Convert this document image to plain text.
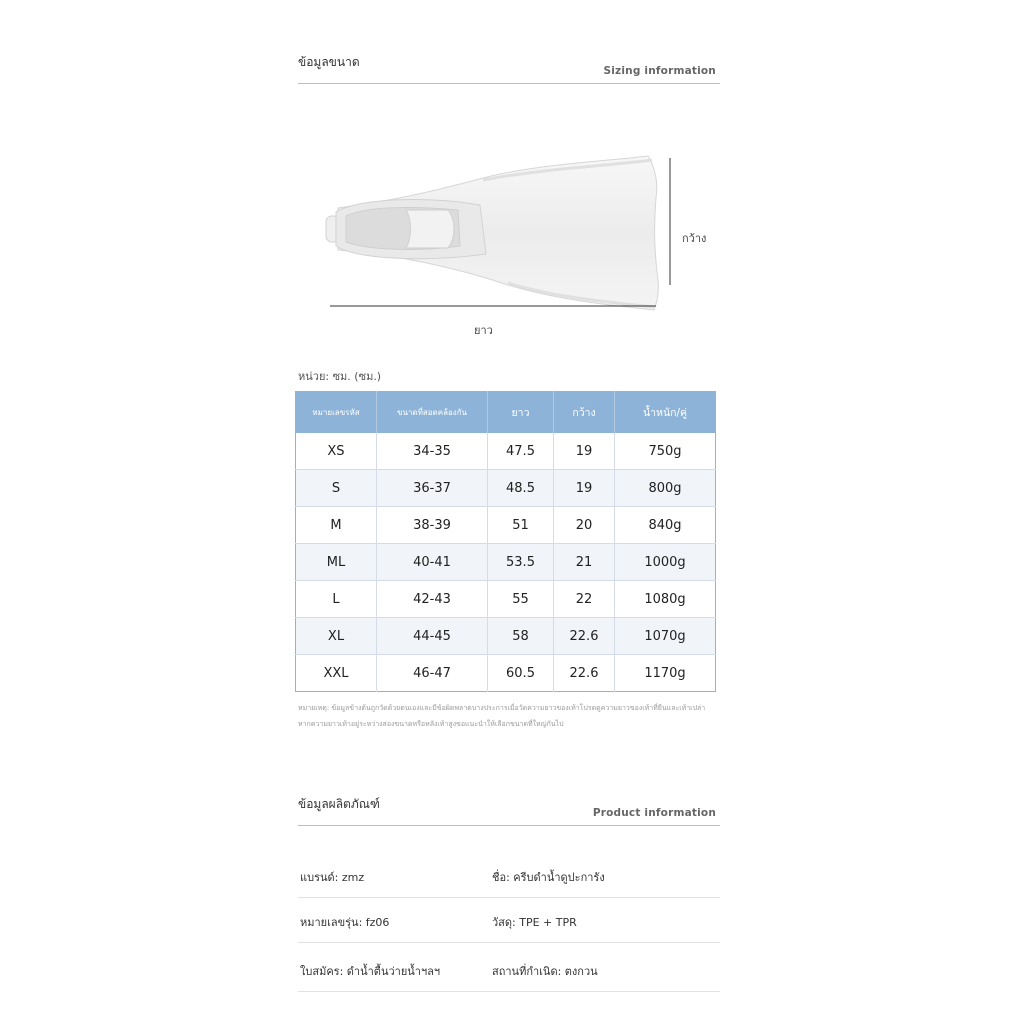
ข้อมูลขนาด
Sizing information
กว้าง
ยาว
หน่วย: ซม. (ซม.)
หมายเลขรหัส	ขนาดที่สอดคล้องกัน	ยาว	กว้าง	น้ำหนัก/คู่
XS	34-35	47.5	19	750g
S	36-37	48.5	19	800g
M	38-39	51	20	840g
ML	40-41	53.5	21	1000g
L	42-43	55	22	1080g
XL	44-45	58	22.6	1070g
XXL	46-47	60.5	22.6	1170g
หมายเหตุ: ข้อมูลข้างต้นถูกวัดด้วยตนเองและมีข้อผิดพลาดบางประการเมื่อวัดความยาวของเท้าโปรดดูความยาวของเท้าที่ยืนและเท้าเปล่า
หากความยาวเท้าอยู่ระหว่างสองขนาดหรือหลังเท้าสูงขอแนะนำให้เลือกขนาดที่ใหญ่กันไป
ข้อมูลผลิตภัณฑ์
Product information
แบรนด์: zmz	ชื่อ: ครีบดำน้ำดูปะการัง
หมายเลขรุ่น: fz06	วัสดุ: TPE + TPR
ใบสมัคร: ดำน้ำตื้นว่ายน้ำฯลฯ	สถานที่กำเนิด: ตงกวน
